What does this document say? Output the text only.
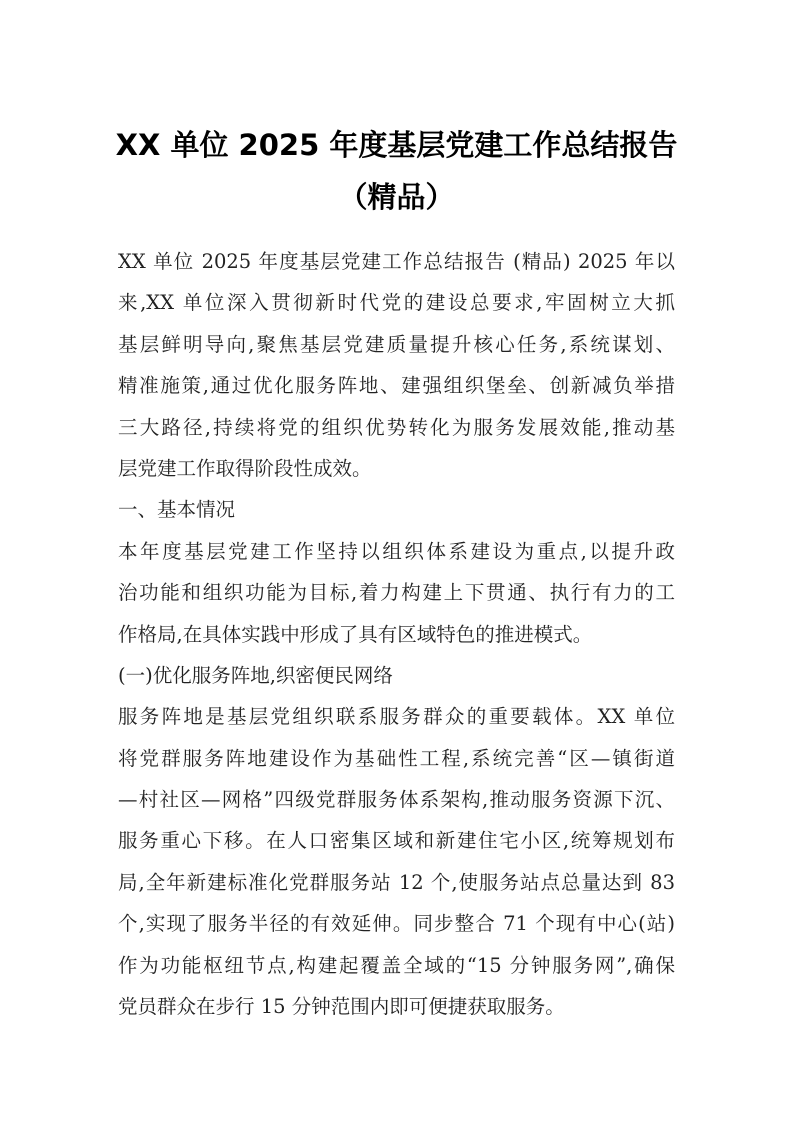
XX 单位 2025 年度基层党建工作总结报告
（精品）
XX 单位 2025 年度基层党建工作总结报告 (精品) 2025 年以
来,XX 单位深入贯彻新时代党的建设总要求,牢固树立大抓
基层鲜明导向,聚焦基层党建质量提升核心任务,系统谋划、
精准施策,通过优化服务阵地、建强组织堡垒、创新减负举措
三大路径,持续将党的组织优势转化为服务发展效能,推动基
层党建工作取得阶段性成效。
一、基本情况
本年度基层党建工作坚持以组织体系建设为重点,以提升政
治功能和组织功能为目标,着力构建上下贯通、执行有力的工
作格局,在具体实践中形成了具有区域特色的推进模式。
(一)优化服务阵地,织密便民网络
服务阵地是基层党组织联系服务群众的重要载体。XX 单位
将党群服务阵地建设作为基础性工程,系统完善“区—镇街道
—村社区—网格”四级党群服务体系架构,推动服务资源下沉、
服务重心下移。在人口密集区域和新建住宅小区,统筹规划布
局,全年新建标准化党群服务站 12 个,使服务站点总量达到 83
个,实现了服务半径的有效延伸。同步整合 71 个现有中心(站)
作为功能枢纽节点,构建起覆盖全域的“15 分钟服务网”,确保
党员群众在步行 15 分钟范围内即可便捷获取服务。
